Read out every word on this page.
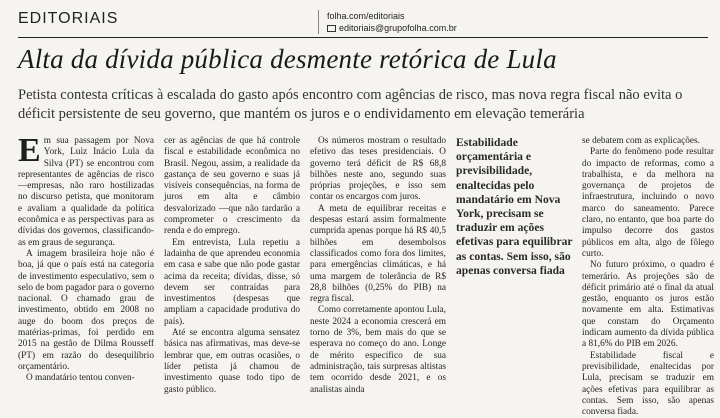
EDITORIAIS	folha.com/editoriais
editoriais@grupofolha.com.br
Alta da dívida pública desmente retórica de Lula

Petista contesta críticas à escalada do gasto após encontro com agências de risco, mas nova regra fiscal não evita o déficit persistente de seu governo, que mantém os juros e o endividamento em elevação temerária

Em sua passagem por Nova York, Luiz Inácio Lula da Silva (PT) se encontrou com representantes de agências de risco —empresas, não raro hostilizadas no discurso petista, que monitoram e avaliam a qualidade da política econômica e as perspectivas para as dívidas dos governos, classificando-as em graus de segurança.

A imagem brasileira hoje não é boa, já que o país está na categoria de investimento especulativo, sem o selo de bom pagador para o governo nacional. O chamado grau de investimento, obtido em 2008 no auge do boom dos preços de matérias-primas, foi perdido em 2015 na gestão de Dilma Rousseff (PT) em razão do desequilíbrio orçamentário.

O mandatário tentou conven-

cer as agências de que há controle fiscal e estabilidade econômica no Brasil. Negou, assim, a realidade da gastança de seu governo e suas já visíveis consequências, na forma de juros em alta e câmbio desvalorizado —que não tardarão a comprometer o crescimento da renda e do emprego.

Em entrevista, Lula repetiu a ladainha de que aprendeu economia em casa e sabe que não pode gastar acima da receita; dívidas, disse, só devem ser contraídas para investimentos (despesas que ampliam a capacidade produtiva do país).

Até se encontra alguma sensatez básica nas afirmativas, mas deve-se lembrar que, em outras ocasiões, o líder petista já chamou de investimento quase todo tipo de gasto público.

Os números mostram o resultado efetivo das teses presidenciais. O governo terá déficit de R$ 68,8 bilhões neste ano, segundo suas próprias projeções, e isso sem contar os encargos com juros.

A meta de equilibrar receitas e despesas estará assim formalmente cumprida apenas porque há R$ 40,5 bilhões em desembolsos classificados como fora dos limites, para emergências climáticas, e há uma margem de tolerância de R$ 28,8 bilhões (0,25% do PIB) na regra fiscal.

Como corretamente apontou Lula, neste 2024 a economia crescerá em torno de 3%, bem mais do que se esperava no começo do ano. Longe de mérito específico de sua administração, tais surpresas altistas tem ocorrido desde 2021, e os analistas ainda

Estabilidade orçamentária e previsibilidade, enaltecidas pelo mandatário em Nova York, precisam se traduzir em ações efetivas para equilibrar as contas. Sem isso, são apenas conversa fiada

se debatem com as explicações.

Parte do fenômeno pode resultar do impacto de reformas, como a trabalhista, e da melhora na governança de projetos de infraestrutura, incluindo o novo marco do saneamento. Parece claro, no entanto, que boa parte do impulso decorre dos gastos públicos em alta, algo de fôlego curto.

No futuro próximo, o quadro é temerário. As projeções são de déficit primário até o final da atual gestão, enquanto os juros estão novamente em alta. Estimativas que constam do Orçamento indicam aumento da dívida pública a 81,6% do PIB em 2026.

Estabilidade fiscal e previsibilidade, enaltecidas por Lula, precisam se traduzir em ações efetivas para equilibrar as contas. Sem isso, são apenas conversa fiada.
